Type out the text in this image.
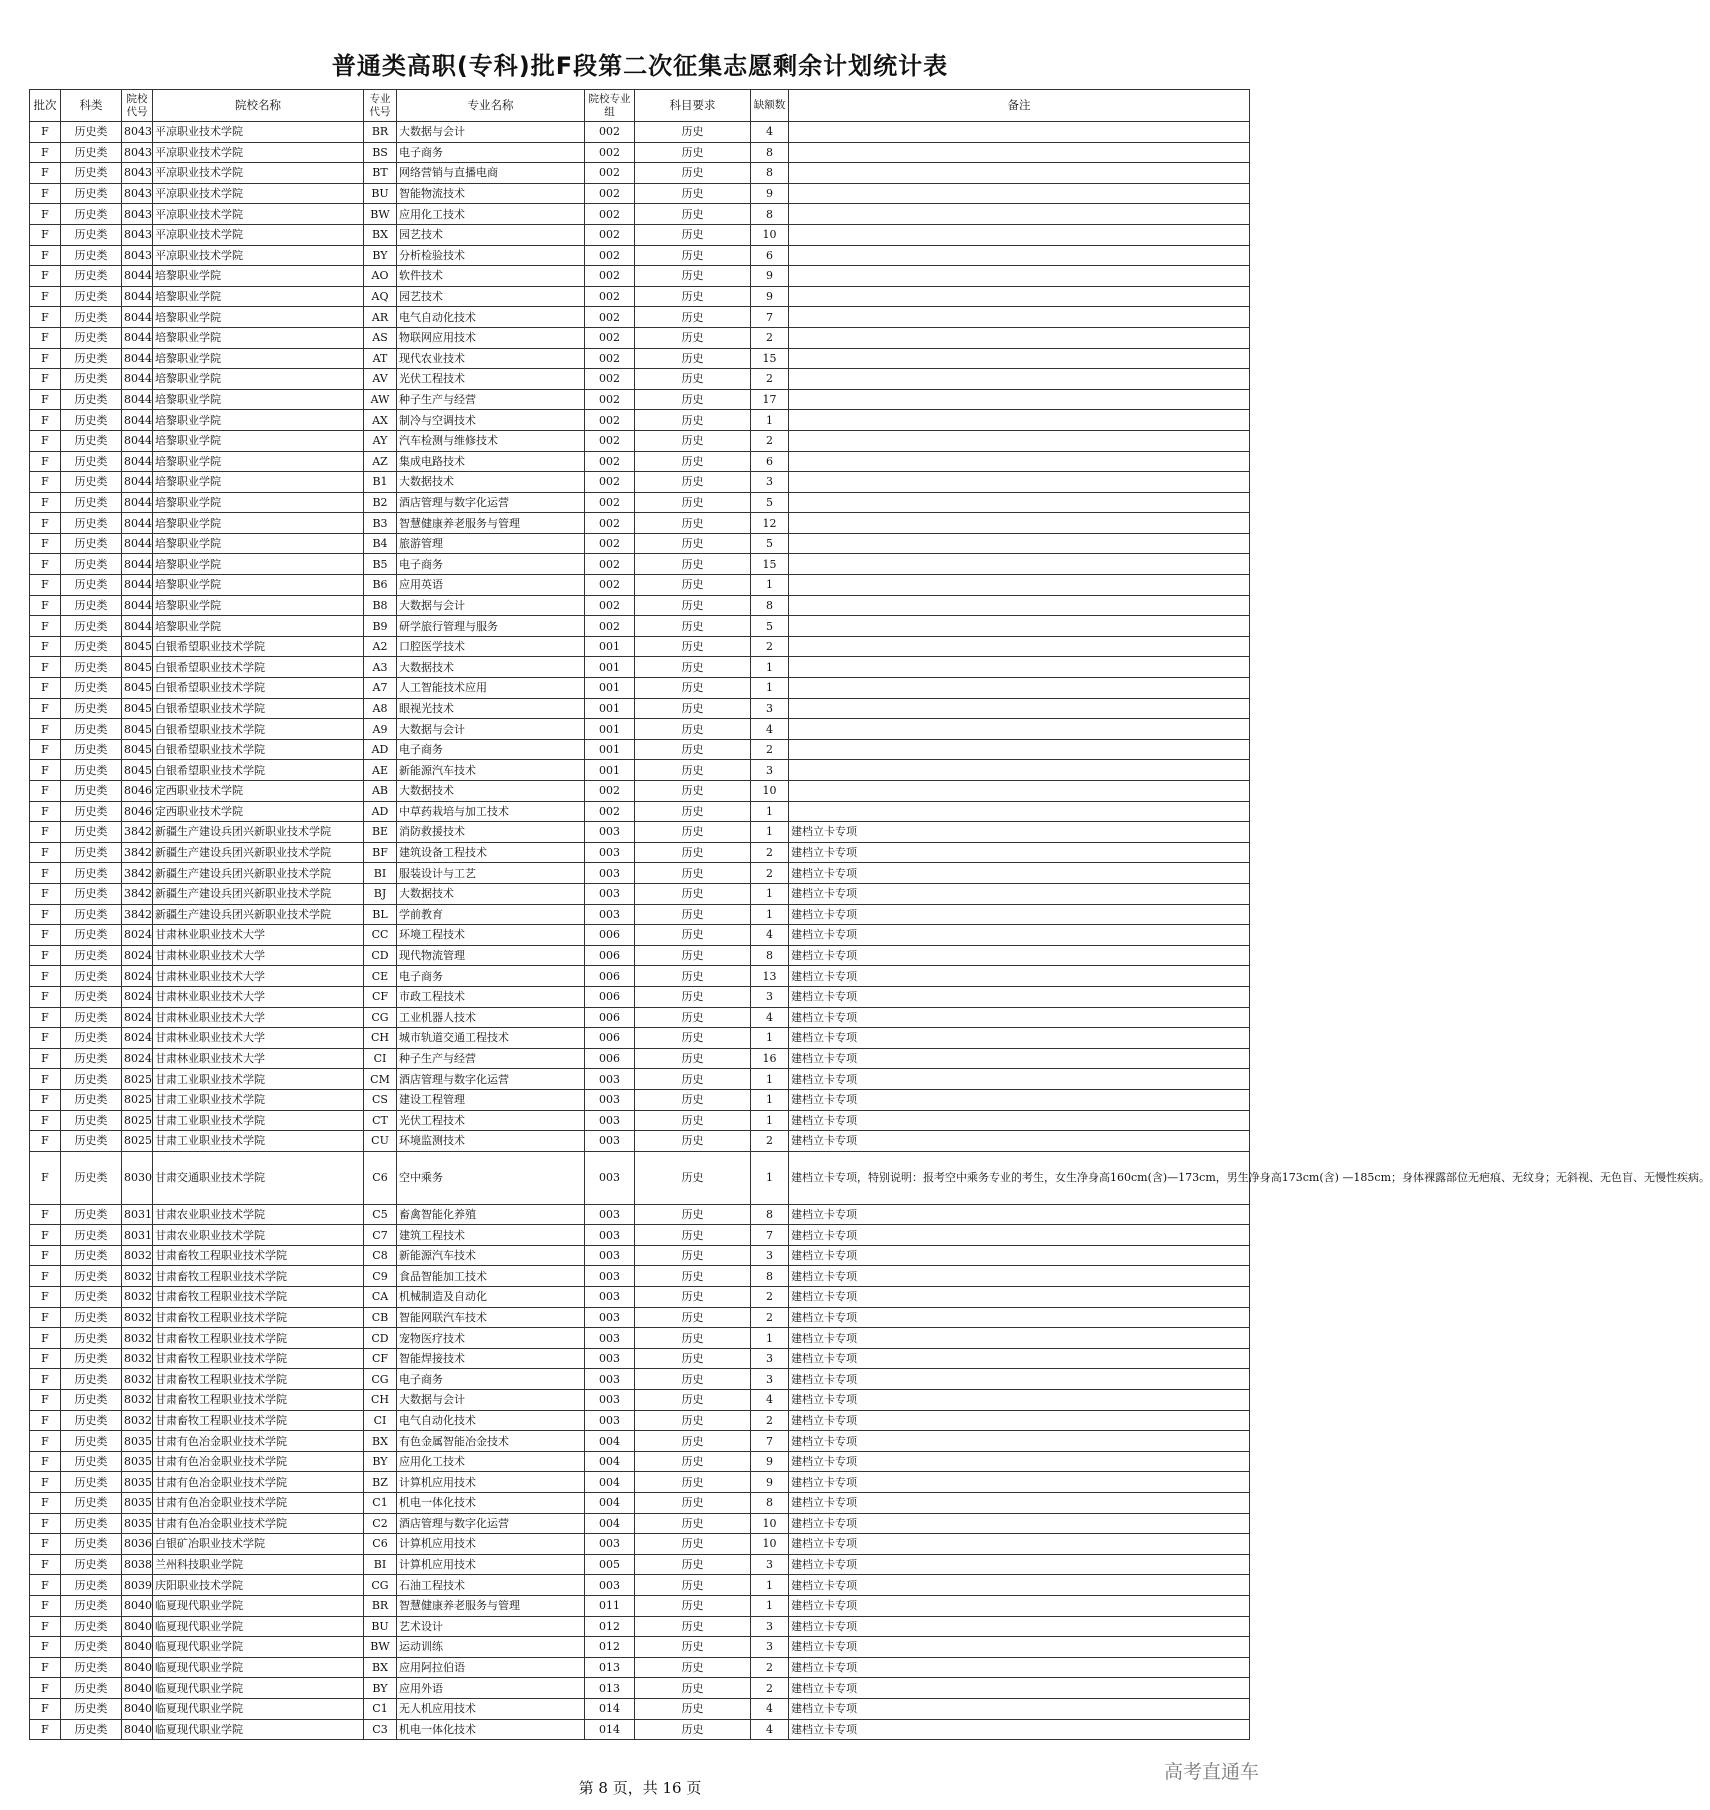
普通类高职(专科)批F段第二次征集志愿剩余计划统计表
批次	科类	院校代号	院校名称	专业代号	专业名称	院校专业组	科目要求	缺额数	备注
F	历史类	8043	平凉职业技术学院	BR	大数据与会计	002	历史	4	
F	历史类	8043	平凉职业技术学院	BS	电子商务	002	历史	8	
F	历史类	8043	平凉职业技术学院	BT	网络营销与直播电商	002	历史	8	
F	历史类	8043	平凉职业技术学院	BU	智能物流技术	002	历史	9	
F	历史类	8043	平凉职业技术学院	BW	应用化工技术	002	历史	8	
F	历史类	8043	平凉职业技术学院	BX	园艺技术	002	历史	10	
F	历史类	8043	平凉职业技术学院	BY	分析检验技术	002	历史	6	
F	历史类	8044	培黎职业学院	AO	软件技术	002	历史	9	
F	历史类	8044	培黎职业学院	AQ	园艺技术	002	历史	9	
F	历史类	8044	培黎职业学院	AR	电气自动化技术	002	历史	7	
F	历史类	8044	培黎职业学院	AS	物联网应用技术	002	历史	2	
F	历史类	8044	培黎职业学院	AT	现代农业技术	002	历史	15	
F	历史类	8044	培黎职业学院	AV	光伏工程技术	002	历史	2	
F	历史类	8044	培黎职业学院	AW	种子生产与经营	002	历史	17	
F	历史类	8044	培黎职业学院	AX	制冷与空调技术	002	历史	1	
F	历史类	8044	培黎职业学院	AY	汽车检测与维修技术	002	历史	2	
F	历史类	8044	培黎职业学院	AZ	集成电路技术	002	历史	6	
F	历史类	8044	培黎职业学院	B1	大数据技术	002	历史	3	
F	历史类	8044	培黎职业学院	B2	酒店管理与数字化运营	002	历史	5	
F	历史类	8044	培黎职业学院	B3	智慧健康养老服务与管理	002	历史	12	
F	历史类	8044	培黎职业学院	B4	旅游管理	002	历史	5	
F	历史类	8044	培黎职业学院	B5	电子商务	002	历史	15	
F	历史类	8044	培黎职业学院	B6	应用英语	002	历史	1	
F	历史类	8044	培黎职业学院	B8	大数据与会计	002	历史	8	
F	历史类	8044	培黎职业学院	B9	研学旅行管理与服务	002	历史	5	
F	历史类	8045	白银希望职业技术学院	A2	口腔医学技术	001	历史	2	
F	历史类	8045	白银希望职业技术学院	A3	大数据技术	001	历史	1	
F	历史类	8045	白银希望职业技术学院	A7	人工智能技术应用	001	历史	1	
F	历史类	8045	白银希望职业技术学院	A8	眼视光技术	001	历史	3	
F	历史类	8045	白银希望职业技术学院	A9	大数据与会计	001	历史	4	
F	历史类	8045	白银希望职业技术学院	AD	电子商务	001	历史	2	
F	历史类	8045	白银希望职业技术学院	AE	新能源汽车技术	001	历史	3	
F	历史类	8046	定西职业技术学院	AB	大数据技术	002	历史	10	
F	历史类	8046	定西职业技术学院	AD	中草药栽培与加工技术	002	历史	1	
F	历史类	3842	新疆生产建设兵团兴新职业技术学院	BE	消防救援技术	003	历史	1	建档立卡专项
F	历史类	3842	新疆生产建设兵团兴新职业技术学院	BF	建筑设备工程技术	003	历史	2	建档立卡专项
F	历史类	3842	新疆生产建设兵团兴新职业技术学院	BI	服装设计与工艺	003	历史	2	建档立卡专项
F	历史类	3842	新疆生产建设兵团兴新职业技术学院	BJ	大数据技术	003	历史	1	建档立卡专项
F	历史类	3842	新疆生产建设兵团兴新职业技术学院	BL	学前教育	003	历史	1	建档立卡专项
F	历史类	8024	甘肃林业职业技术大学	CC	环境工程技术	006	历史	4	建档立卡专项
F	历史类	8024	甘肃林业职业技术大学	CD	现代物流管理	006	历史	8	建档立卡专项
F	历史类	8024	甘肃林业职业技术大学	CE	电子商务	006	历史	13	建档立卡专项
F	历史类	8024	甘肃林业职业技术大学	CF	市政工程技术	006	历史	3	建档立卡专项
F	历史类	8024	甘肃林业职业技术大学	CG	工业机器人技术	006	历史	4	建档立卡专项
F	历史类	8024	甘肃林业职业技术大学	CH	城市轨道交通工程技术	006	历史	1	建档立卡专项
F	历史类	8024	甘肃林业职业技术大学	CI	种子生产与经营	006	历史	16	建档立卡专项
F	历史类	8025	甘肃工业职业技术学院	CM	酒店管理与数字化运营	003	历史	1	建档立卡专项
F	历史类	8025	甘肃工业职业技术学院	CS	建设工程管理	003	历史	1	建档立卡专项
F	历史类	8025	甘肃工业职业技术学院	CT	光伏工程技术	003	历史	1	建档立卡专项
F	历史类	8025	甘肃工业职业技术学院	CU	环境监测技术	003	历史	2	建档立卡专项
F	历史类	8030	甘肃交通职业技术学院	C6	空中乘务	003	历史	1	建档立卡专项，特别说明：报考空中乘务专业的考生，女生净身高160cm(含)—173cm，男生净身高173cm(含) —185cm；身体裸露部位无疤痕、无纹身；无斜视、无色盲、无慢性疾病。
F	历史类	8031	甘肃农业职业技术学院	C5	畜禽智能化养殖	003	历史	8	建档立卡专项
F	历史类	8031	甘肃农业职业技术学院	C7	建筑工程技术	003	历史	7	建档立卡专项
F	历史类	8032	甘肃畜牧工程职业技术学院	C8	新能源汽车技术	003	历史	3	建档立卡专项
F	历史类	8032	甘肃畜牧工程职业技术学院	C9	食品智能加工技术	003	历史	8	建档立卡专项
F	历史类	8032	甘肃畜牧工程职业技术学院	CA	机械制造及自动化	003	历史	2	建档立卡专项
F	历史类	8032	甘肃畜牧工程职业技术学院	CB	智能网联汽车技术	003	历史	2	建档立卡专项
F	历史类	8032	甘肃畜牧工程职业技术学院	CD	宠物医疗技术	003	历史	1	建档立卡专项
F	历史类	8032	甘肃畜牧工程职业技术学院	CF	智能焊接技术	003	历史	3	建档立卡专项
F	历史类	8032	甘肃畜牧工程职业技术学院	CG	电子商务	003	历史	3	建档立卡专项
F	历史类	8032	甘肃畜牧工程职业技术学院	CH	大数据与会计	003	历史	4	建档立卡专项
F	历史类	8032	甘肃畜牧工程职业技术学院	CI	电气自动化技术	003	历史	2	建档立卡专项
F	历史类	8035	甘肃有色冶金职业技术学院	BX	有色金属智能冶金技术	004	历史	7	建档立卡专项
F	历史类	8035	甘肃有色冶金职业技术学院	BY	应用化工技术	004	历史	9	建档立卡专项
F	历史类	8035	甘肃有色冶金职业技术学院	BZ	计算机应用技术	004	历史	9	建档立卡专项
F	历史类	8035	甘肃有色冶金职业技术学院	C1	机电一体化技术	004	历史	8	建档立卡专项
F	历史类	8035	甘肃有色冶金职业技术学院	C2	酒店管理与数字化运营	004	历史	10	建档立卡专项
F	历史类	8036	白银矿冶职业技术学院	C6	计算机应用技术	003	历史	10	建档立卡专项
F	历史类	8038	兰州科技职业学院	BI	计算机应用技术	005	历史	3	建档立卡专项
F	历史类	8039	庆阳职业技术学院	CG	石油工程技术	003	历史	1	建档立卡专项
F	历史类	8040	临夏现代职业学院	BR	智慧健康养老服务与管理	011	历史	1	建档立卡专项
F	历史类	8040	临夏现代职业学院	BU	艺术设计	012	历史	3	建档立卡专项
F	历史类	8040	临夏现代职业学院	BW	运动训练	012	历史	3	建档立卡专项
F	历史类	8040	临夏现代职业学院	BX	应用阿拉伯语	013	历史	2	建档立卡专项
F	历史类	8040	临夏现代职业学院	BY	应用外语	013	历史	2	建档立卡专项
F	历史类	8040	临夏现代职业学院	C1	无人机应用技术	014	历史	4	建档立卡专项
F	历史类	8040	临夏现代职业学院	C3	机电一体化技术	014	历史	4	建档立卡专项
第 8 页，共 16 页
高考直通车
